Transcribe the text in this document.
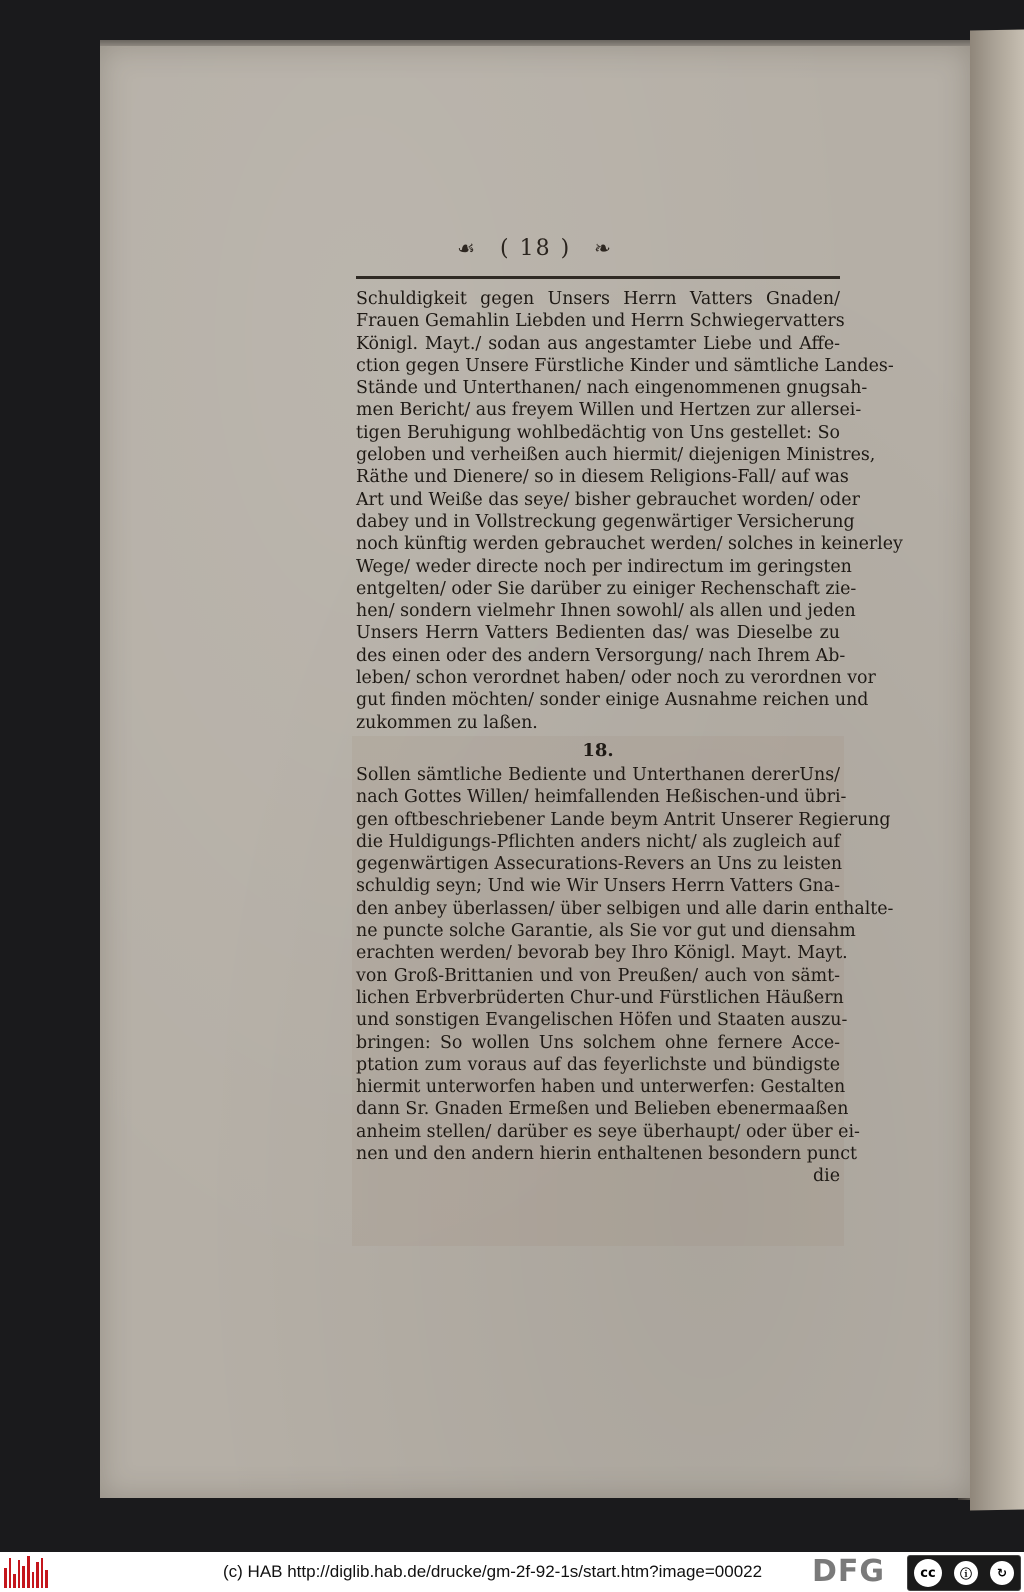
☙ ( 18 ) ❧
Schuldigkeit gegen Unsers Herrn Vatters Gnaden/
Frauen Gemahlin Liebden und Herrn Schwiegervatters
Königl. Mayt./ sodan aus angestamter Liebe und Affe-
ction gegen Unsere Fürstliche Kinder und sämtliche Landes-
Stände und Unterthanen/ nach eingenommenen gnugsah-
men Bericht/ aus freyem Willen und Hertzen zur allersei-
tigen Beruhigung wohlbedächtig von Uns gestellet: So
geloben und verheißen auch hiermit/ diejenigen Ministres,
Räthe und Dienere/ so in diesem Religions-Fall/ auf was
Art und Weiße das seye/ bisher gebrauchet worden/ oder
dabey und in Vollstreckung gegenwärtiger Versicherung
noch künftig werden gebrauchet werden/ solches in keinerley
Wege/ weder directe noch per indirectum im geringsten
entgelten/ oder Sie darüber zu einiger Rechenschaft zie-
hen/ sondern vielmehr Ihnen sowohl/ als allen und jeden
Unsers Herrn Vatters Bedienten das/ was Dieselbe zu
des einen oder des andern Versorgung/ nach Ihrem Ab-
leben/ schon verordnet haben/ oder noch zu verordnen vor
gut finden möchten/ sonder einige Ausnahme reichen und
zukommen zu laßen.
18.
Sollen sämtliche Bediente und Unterthanen dererUns/
nach Gottes Willen/ heimfallenden Heßischen-und übri-
gen oftbeschriebener Lande beym Antrit Unserer Regierung
die Huldigungs-Pflichten anders nicht/ als zugleich auf
gegenwärtigen Assecurations-Revers an Uns zu leisten
schuldig seyn; Und wie Wir Unsers Herrn Vatters Gna-
den anbey überlassen/ über selbigen und alle darin enthalte-
ne puncte solche Garantie, als Sie vor gut und diensahm
erachten werden/ bevorab bey Ihro Königl. Mayt. Mayt.
von Groß-Brittanien und von Preußen/ auch von sämt-
lichen Erbverbrüderten Chur-und Fürstlichen Häußern
und sonstigen Evangelischen Höfen und Staaten auszu-
bringen: So wollen Uns solchem ohne fernere Acce-
ptation zum voraus auf das feyerlichste und bündigste
hiermit unterworfen haben und unterwerfen: Gestalten
dann Sr. Gnaden Ermeßen und Belieben ebenermaaßen
anheim stellen/ darüber es seye überhaupt/ oder über ei-
nen und den andern hierin enthaltenen besondern punct
die
(c) HAB http://diglib.hab.de/drucke/gm-2f-92-1s/start.htm?image=00022 DFG	cc	ⓘ	↻
